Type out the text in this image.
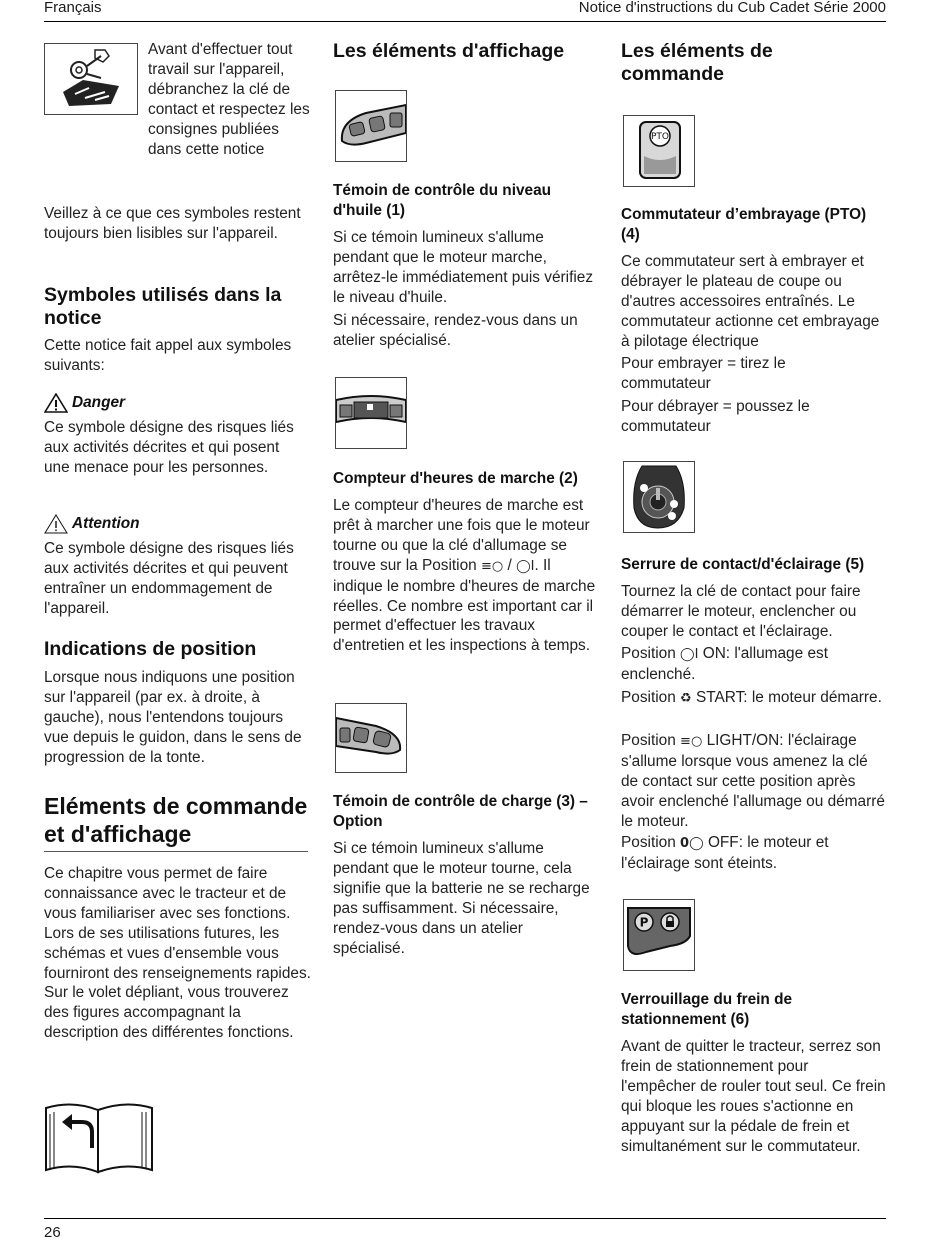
Français	Notice d'instructions du Cub Cadet Série 2000
Avant d'effectuer tout travail sur l'appareil, débranchez la clé de contact et respectez les consignes publiées dans cette notice
Veillez à ce que ces symboles restent toujours bien lisibles sur l'appareil.
Symboles utilisés dans la notice
Cette notice fait appel aux symboles suivants:
Danger
Ce symbole désigne des risques liés aux activités décrites et qui posent une menace pour les personnes.
Attention
Ce symbole désigne des risques liés aux activités décrites et qui peuvent entraîner un endommagement de l'appareil.
Indications de position
Lorsque nous indiquons une position sur l'appareil (par ex. à droite, à gauche), nous l'entendons toujours vue depuis le guidon, dans le sens de progression de la tonte.
Eléments de commande et d'affichage
Ce chapitre vous permet de faire connaissance avec le tracteur et de vous familiariser avec ses fonctions. Lors de ses utilisations futures, les schémas et vues d'ensemble vous fourniront des renseignements rapides. Sur le volet dépliant, vous trouverez des figures accompagnant la description des différentes fonctions.
Les éléments d'affichage
Témoin de contrôle du niveau d'huile (1)
Si ce témoin lumineux s'allume pendant que le moteur marche, arrêtez-le immédiatement puis vérifiez le niveau d'huile.
Si nécessaire, rendez-vous dans un atelier spécialisé.
Compteur d'heures de marche (2)
Le compteur d'heures de marche est prêt à marcher une fois que le moteur tourne ou que la clé d'allumage se trouve sur la Position ≡○ / ◯I. Il indique le nombre d'heures de marche réelles. Ce nombre est important car il permet d'effectuer les travaux d'entretien et les inspections à temps.
Témoin de contrôle de charge (3) – Option
Si ce témoin lumineux s'allume pendant que le moteur tourne, cela signifie que la batterie ne se recharge pas suffisamment. Si nécessaire, rendez-vous dans un atelier spécialisé.
Les éléments de commande
PTO
Commutateur d’embrayage (PTO) (4)
Ce commutateur sert à embrayer et débrayer le plateau de coupe ou d'autres accessoires entraînés. Le commutateur actionne cet embrayage à pilotage électrique
Pour embrayer = tirez le commutateur
Pour débrayer = poussez le commutateur
Serrure de contact/d'éclairage (5)
Tournez la clé de contact pour faire démarrer le moteur, enclencher ou couper le contact et l'éclairage.
Position ◯I ON: l'allumage est enclenché.
Position ♻ START: le moteur démarre.
Position ≡○ LIGHT/ON: l'éclairage s'allume lorsque vous amenez la clé de contact sur cette position après avoir enclenché l'allumage ou démarré le moteur.
Position 0◯ OFF: le moteur et l'éclairage sont éteints.
P
Verrouillage du frein de stationnement (6)
Avant de quitter le tracteur, serrez son frein de stationnement pour l'empêcher de rouler tout seul. Ce frein qui bloque les roues s'actionne en appuyant sur la pédale de frein et simultanément sur le commutateur.
26
